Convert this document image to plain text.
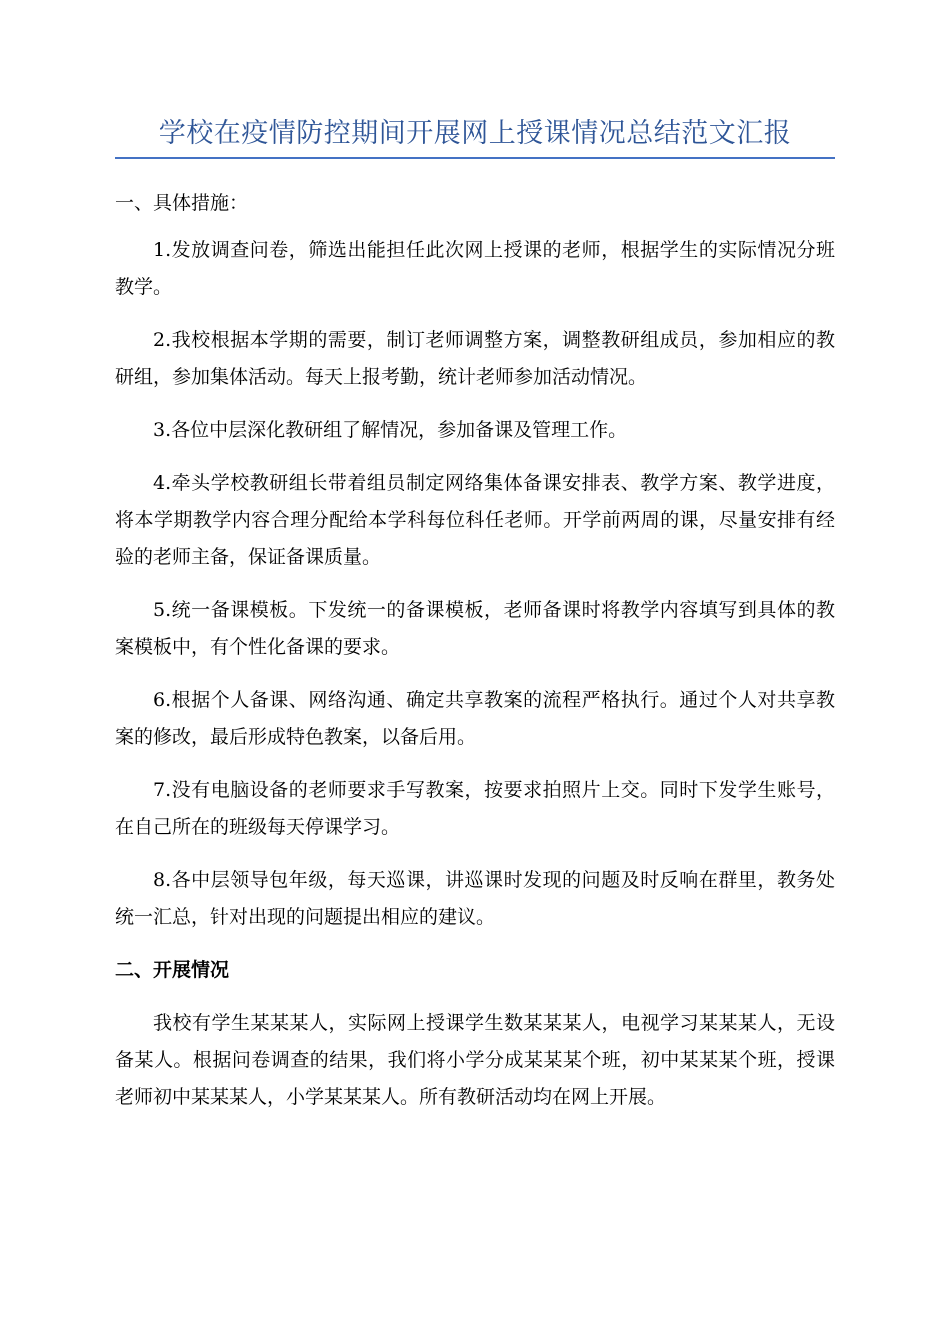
学校在疫情防控期间开展网上授课情况总结范文汇报
一、具体措施：

1.发放调查问卷，筛选出能担任此次网上授课的老师，根据学生的实际情况分班教学。

2.我校根据本学期的需要，制订老师调整方案，调整教研组成员，参加相应的教研组，参加集体活动。每天上报考勤，统计老师参加活动情况。

3.各位中层深化教研组了解情况，参加备课及管理工作。

4.牵头学校教研组长带着组员制定网络集体备课安排表、教学方案、教学进度，将本学期教学内容合理分配给本学科每位科任老师。开学前两周的课，尽量安排有经验的老师主备，保证备课质量。

5.统一备课模板。下发统一的备课模板，老师备课时将教学内容填写到具体的教案模板中，有个性化备课的要求。

6.根据个人备课、网络沟通、确定共享教案的流程严格执行。通过个人对共享教案的修改，最后形成特色教案，以备后用。

7.没有电脑设备的老师要求手写教案，按要求拍照片上交。同时下发学生账号，在自己所在的班级每天停课学习。

8.各中层领导包年级，每天巡课，讲巡课时发现的问题及时反响在群里，教务处统一汇总，针对出现的问题提出相应的建议。

二、开展情况

我校有学生某某某人，实际网上授课学生数某某某人，电视学习某某某人，无设备某人。根据问卷调查的结果，我们将小学分成某某某个班，初中某某某个班，授课老师初中某某某人，小学某某某人。所有教研活动均在网上开展。
